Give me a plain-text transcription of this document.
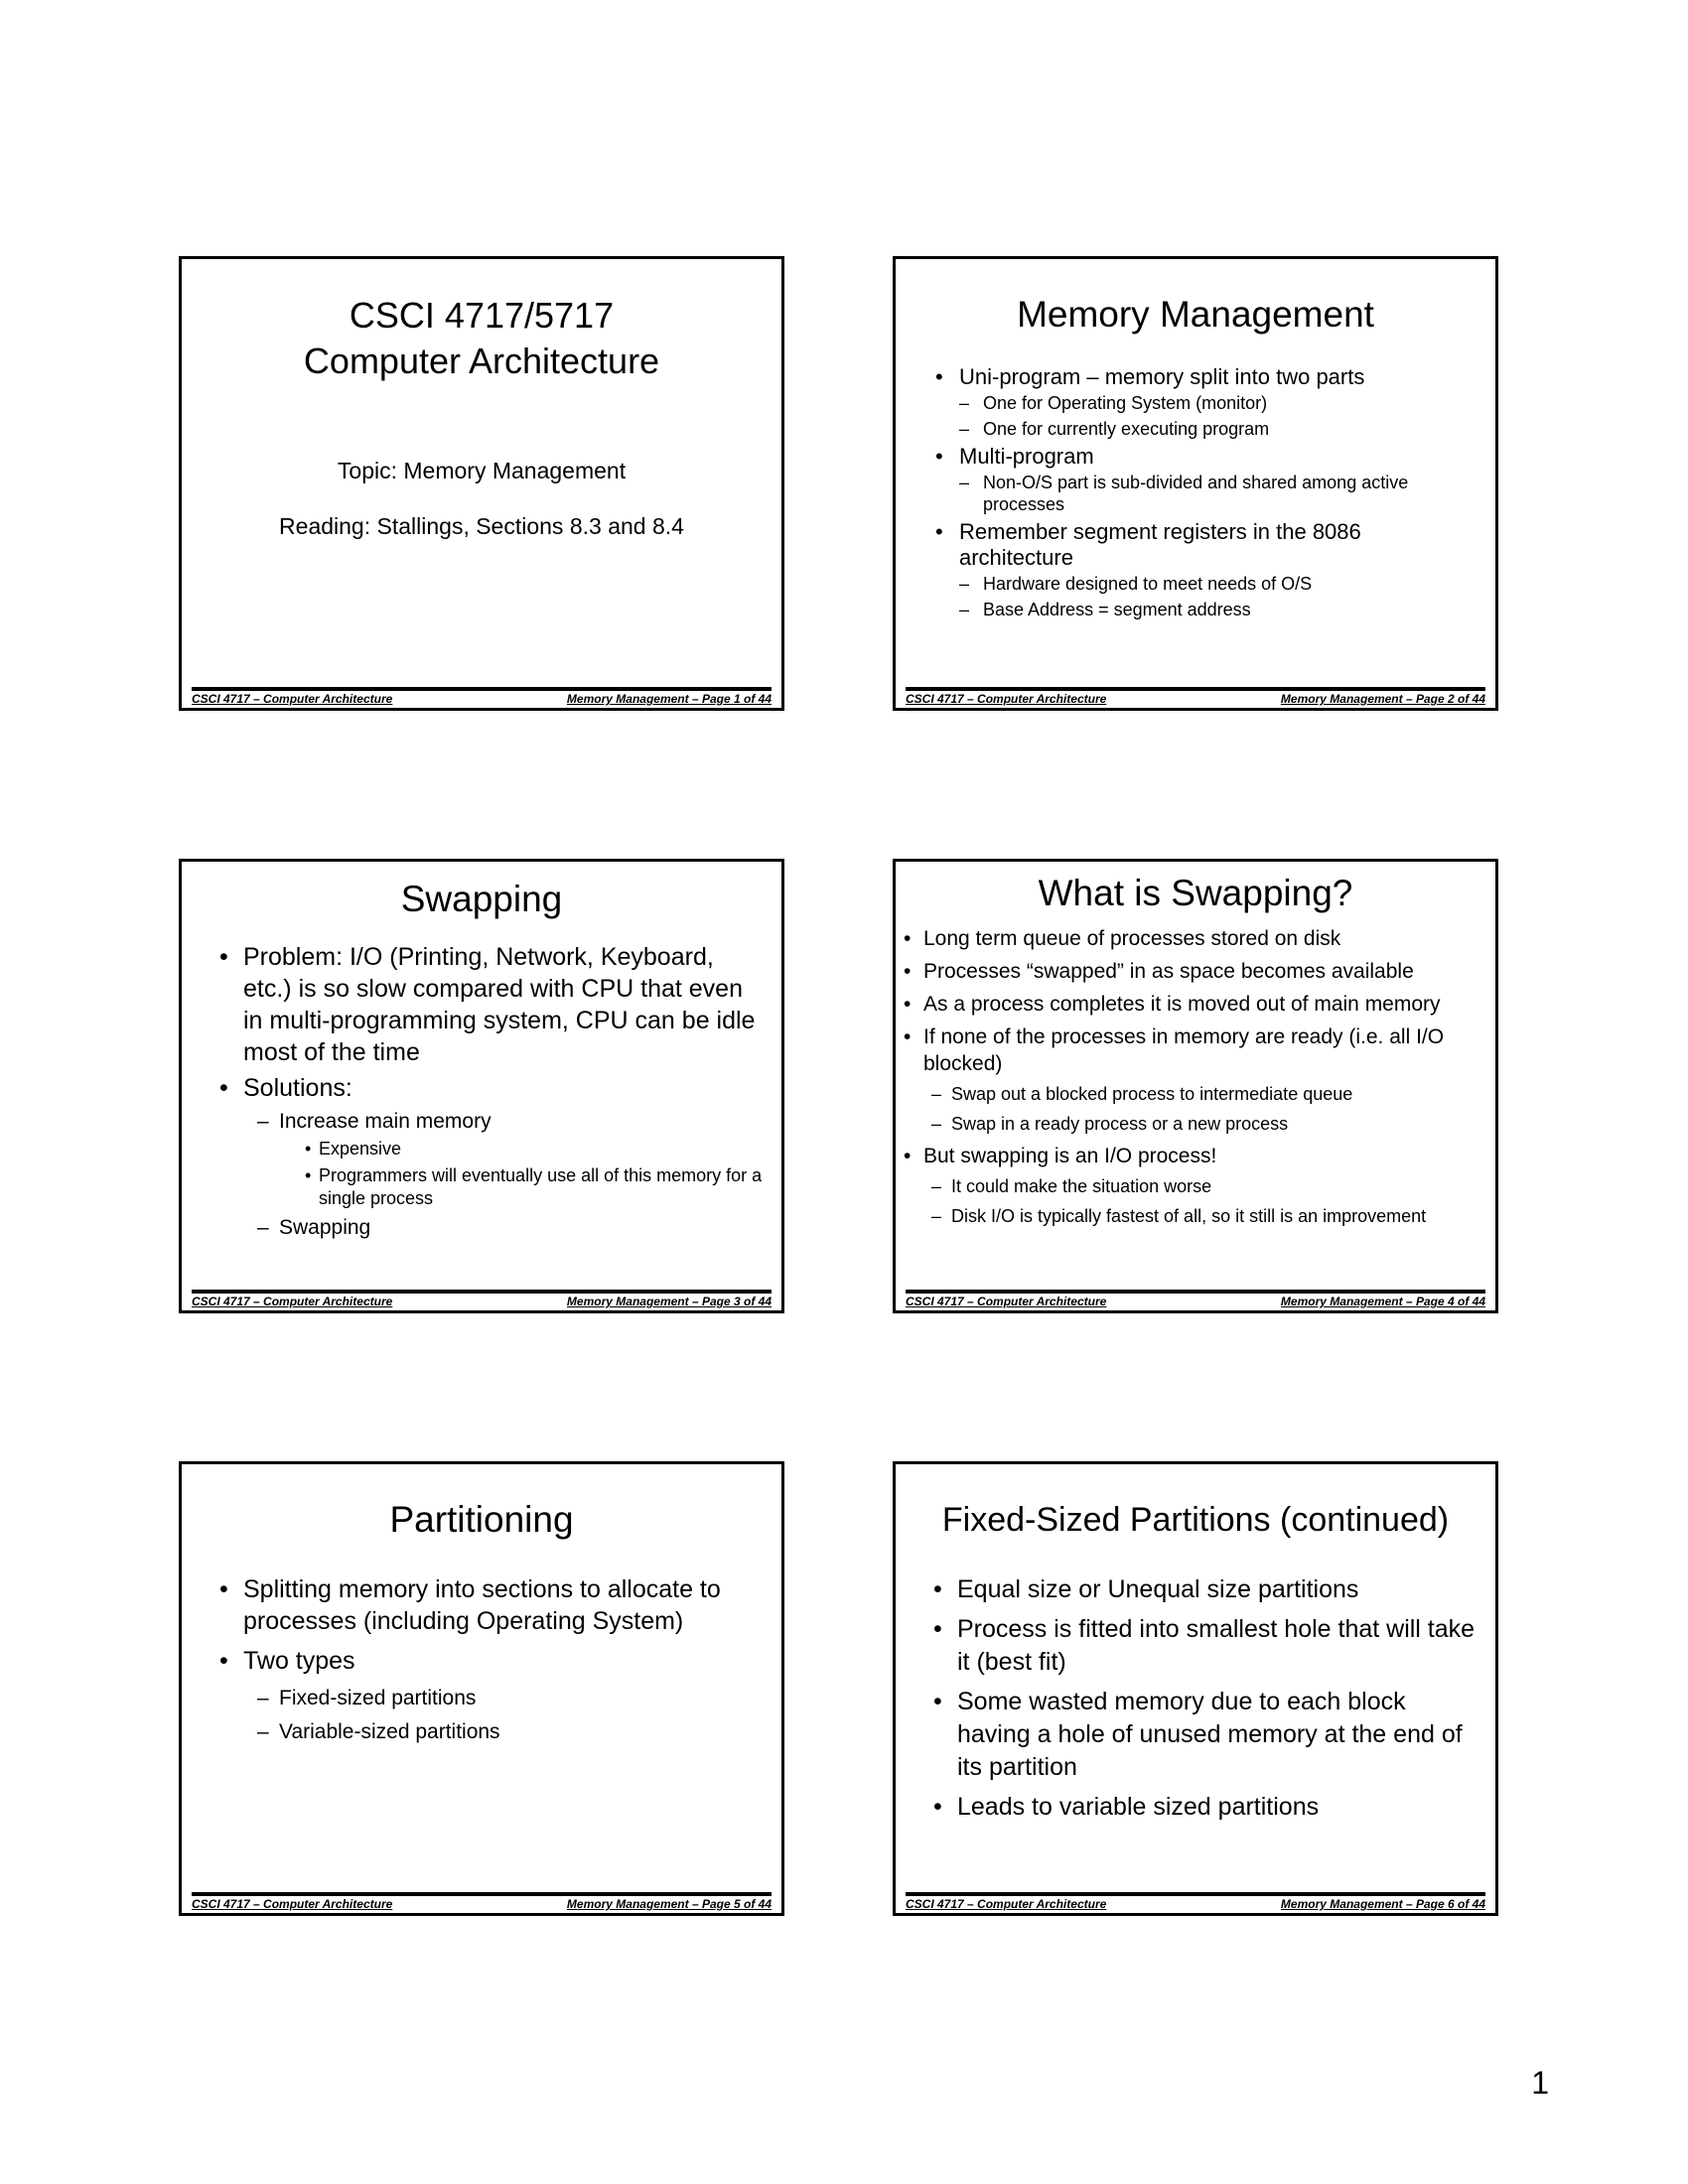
CSCI 4717/5717
Computer Architecture
Topic: Memory Management
Reading: Stallings, Sections 8.3 and 8.4
CSCI 4717 – Computer Architecture	Memory Management – Page 1 of 44
Memory Management
• Uni-program – memory split into two parts
– One for Operating System (monitor)
– One for currently executing program
• Multi-program
– Non-O/S part is sub-divided and shared among active processes
• Remember segment registers in the 8086 architecture
– Hardware designed to meet needs of O/S
– Base Address = segment address
CSCI 4717 – Computer Architecture	Memory Management – Page 2 of 44
Swapping
• Problem: I/O (Printing, Network, Keyboard, etc.) is so slow compared with CPU that even in multi-programming system, CPU can be idle most of the time
• Solutions:
– Increase main memory
• Expensive
• Programmers will eventually use all of this memory for a single process
– Swapping
CSCI 4717 – Computer Architecture	Memory Management – Page 3 of 44
What is Swapping?
• Long term queue of processes stored on disk
• Processes “swapped” in as space becomes available
• As a process completes it is moved out of main memory
• If none of the processes in memory are ready (i.e. all I/O blocked)
– Swap out a blocked process to intermediate queue
– Swap in a ready process or a new process
• But swapping is an I/O process!
– It could make the situation worse
– Disk I/O is typically fastest of all, so it still is an improvement
CSCI 4717 – Computer Architecture	Memory Management – Page 4 of 44
Partitioning
• Splitting memory into sections to allocate to processes (including Operating System)
• Two types
– Fixed-sized partitions
– Variable-sized partitions
CSCI 4717 – Computer Architecture	Memory Management – Page 5 of 44
Fixed-Sized Partitions (continued)
• Equal size or Unequal size partitions
• Process is fitted into smallest hole that will take it (best fit)
• Some wasted memory due to each block having a hole of unused memory at the end of its partition
• Leads to variable sized partitions
CSCI 4717 – Computer Architecture	Memory Management – Page 6 of 44
1
